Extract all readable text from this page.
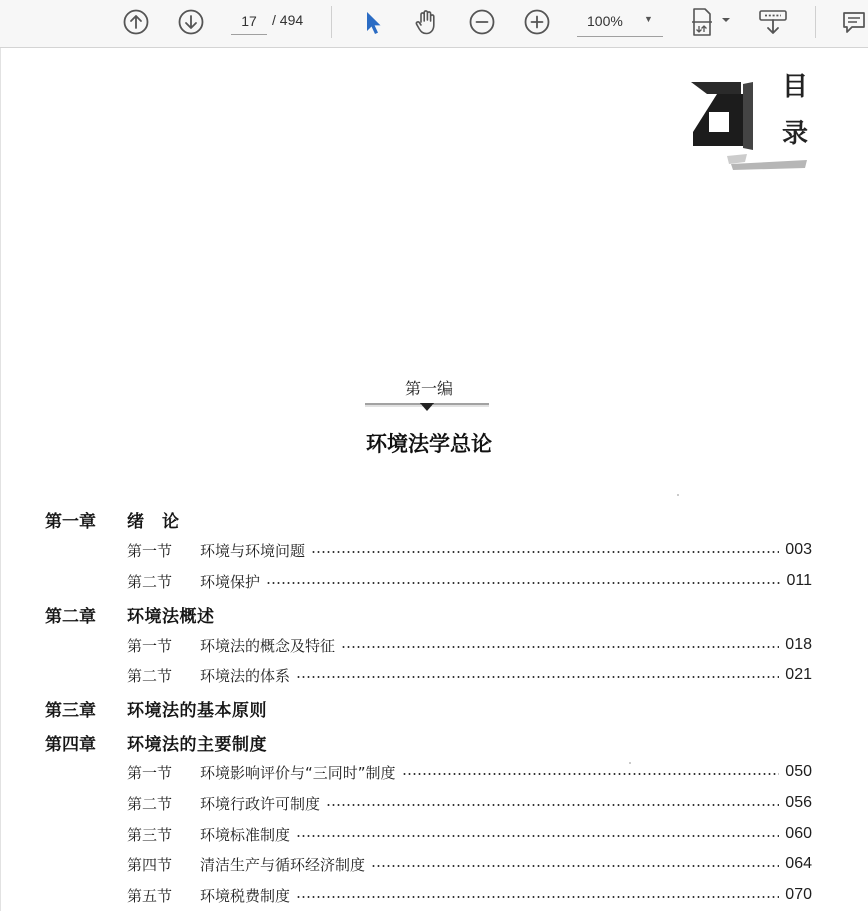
17
/ 494	100% ▼
目
录
第一编
环境法学总论
第一章 绪　论
第一节	环境与环境问题	003
第二节	环境保护	011
第二章 环境法概述
第一节	环境法的概念及特征	018
第二节	环境法的体系	021
第三章 环境法的基本原则
第四章 环境法的主要制度
第一节	环境影响评价与“三同时”制度	050
第二节	环境行政许可制度	056
第三节	环境标准制度	060
第四节	清洁生产与循环经济制度	064
第五节	环境税费制度	070
